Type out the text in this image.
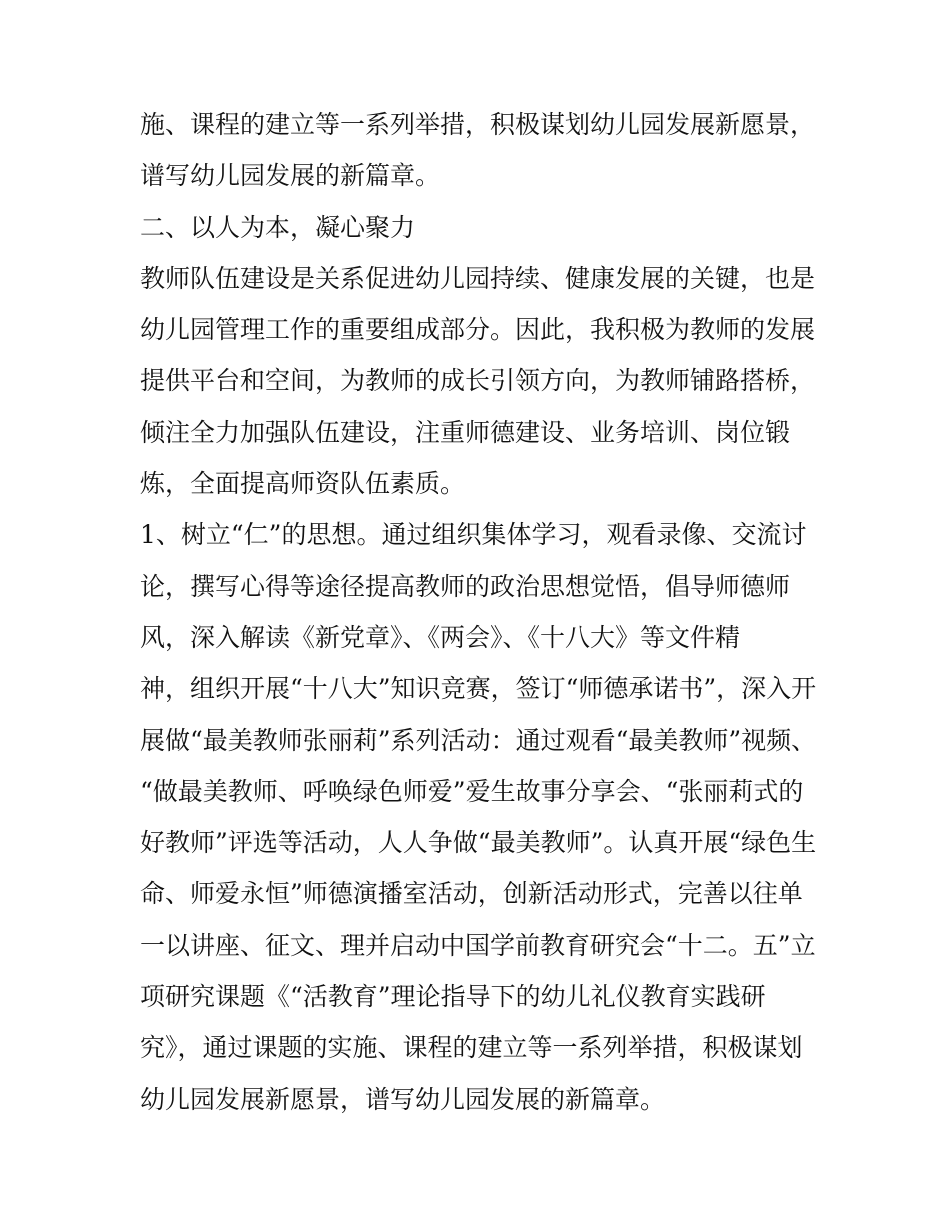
施、课程的建立等一系列举措，积极谋划幼儿园发展新愿景，
谱写幼儿园发展的新篇章。
二、以人为本，凝心聚力
教师队伍建设是关系促进幼儿园持续、健康发展的关键，也是
幼儿园管理工作的重要组成部分。因此，我积极为教师的发展
提供平台和空间，为教师的成长引领方向，为教师铺路搭桥，
倾注全力加强队伍建设，注重师德建设、业务培训、岗位锻
炼，全面提高师资队伍素质。
1、树立“仁”的思想。通过组织集体学习，观看录像、交流讨
论，撰写心得等途径提高教师的政治思想觉悟，倡导师德师
风，深入解读《新党章》、《两会》、《十八大》等文件精
神，组织开展“十八大”知识竞赛，签订“师德承诺书”，深入开
展做“最美教师张丽莉”系列活动：通过观看“最美教师”视频、
“做最美教师、呼唤绿色师爱”爱生故事分享会、“张丽莉式的
好教师”评选等活动，人人争做“最美教师”。认真开展“绿色生
命、师爱永恒”师德演播室活动，创新活动形式，完善以往单
一以讲座、征文、理并启动中国学前教育研究会“十二。五”立
项研究课题《“活教育”理论指导下的幼儿礼仪教育实践研
究》，通过课题的实施、课程的建立等一系列举措，积极谋划
幼儿园发展新愿景，谱写幼儿园发展的新篇章。
